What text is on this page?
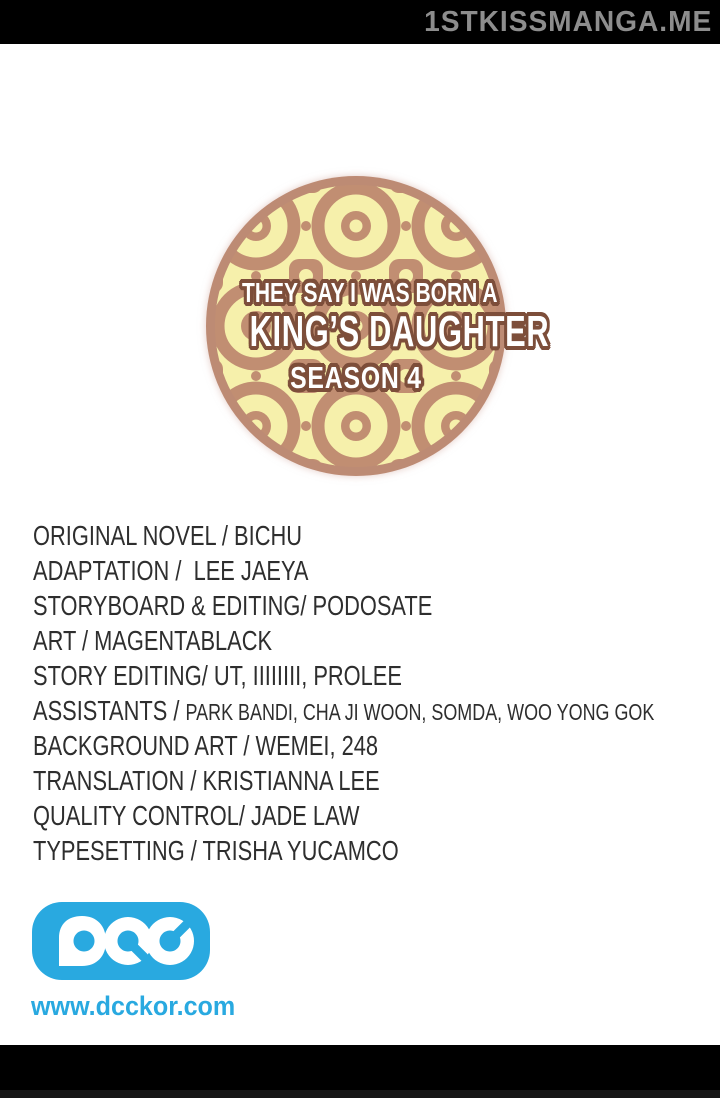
1STKISSMANGA.ME
THEY SAY I WAS BORN A
KING’S DAUGHTER
SEASON 4
ORIGINAL NOVEL / BICHU
ADAPTATION /  LEE JAEYA
STORYBOARD & EDITING/ PODOSATE
ART / MAGENTABLACK
STORY EDITING/ UT, IIIIIIII, PROLEE
ASSISTANTS / PARK BANDI, CHA JI WOON, SOMDA, WOO YONG GOK
BACKGROUND ART / WEMEI, 248
TRANSLATION / KRISTIANNA LEE
QUALITY CONTROL/ JADE LAW
TYPESETTING / TRISHA YUCAMCO
www.dcckor.com
